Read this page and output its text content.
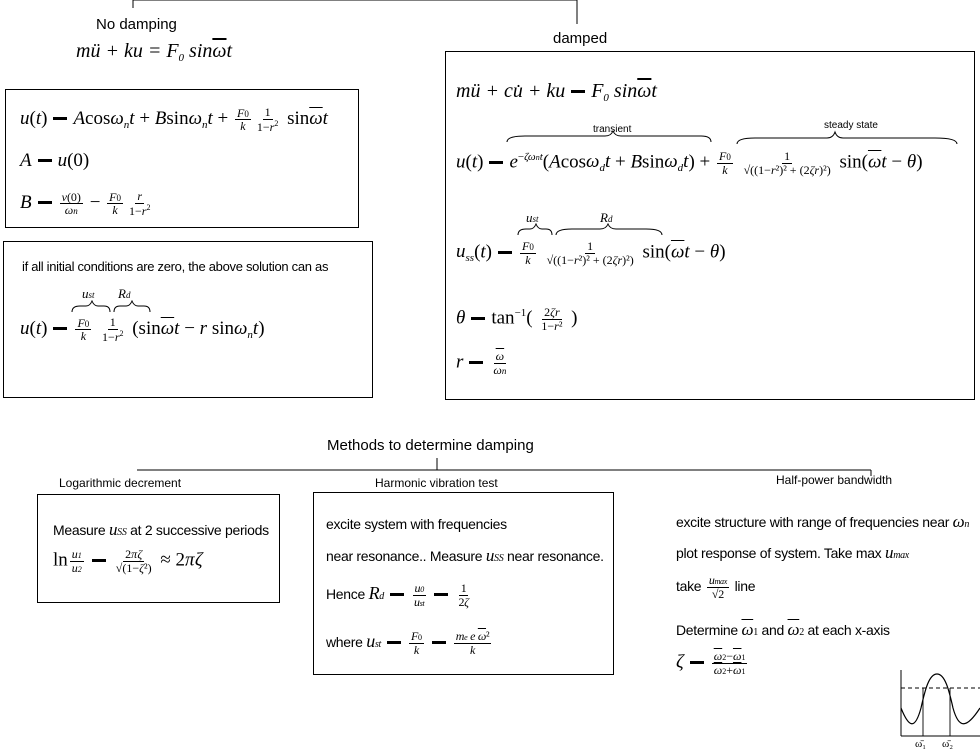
No damping
mü + ku = $F_0$ $\sin\overline{\omega}t$
u(t) $Acos\omega_nt + Bsin\omega_nt + \frac{F0}{k} \frac{1}{1-r^2} \sin\overline{\omega}t$
A u(0)
B $\frac{v(0)}{\omega n} - \frac{F0}{k} \frac{r}{1-r^2}$
if all initial conditions are zero, the above solution can as
ust Rd
$u(t) \frac{F0}{k}$
$\frac{1}{1-r^2} (\sin\overline{\omega}t - r$ sinω$_n$t)
damped
mü + cu̇ + ku $F_0$ $\sin\overline{\omega}t$
transient	steady state
u(t) $e^{-\zeta\omega nt}(Acos\omega_dt + Bsin\omega_dt) + \frac{F0}{k}$
$\frac{1}{\text{√((1−r²)² + (2ζr)²)}} \sin(\overline{\omega}t - \theta)$
ust	Rd
$u_{ss}(t) \frac{F0}{k}$
$\frac{1}{\text{√((1−r²)² + (2ζr)²)}} \sin(\overline{\omega}t - \theta)$
θ $\tan^{-1}( \frac{2\zeta r}{\text{1−r²}}$ )
r $\frac{\overline{\omega}}{\omega n}$
Methods to determine damping
Logarithmic decrement	Harmonic vibration test	Half-power bandwidth
Measure uSS at 2 successive periods
$\ln \frac{u1}{u2}$	$\frac{2\pi\zeta}{\text{√(1−ζ²)}} \approx 2\pi\zeta$
excite system with frequencies
near resonance.. Measure uSS near resonance.
Hence Rd $\frac{u0}{\text{ust}}$	$\frac{1}{2\zeta}$
where ust $\frac{F0}{k}$	$\frac{me e \overline{\omega}^2}{k}$
excite structure with range of frequencies near ωn
plot response of system. Take max umax
take $\frac{umax}{√2}$ line
Determine $\overline{\omega}1$ and $\overline{\omega}2$ at each x-axis
ζ $\frac{\overline{\omega}2-\overline{\omega}1}{\overline{\omega}2+\overline{\omega}1}$
ω̄₁ ω̄₂
